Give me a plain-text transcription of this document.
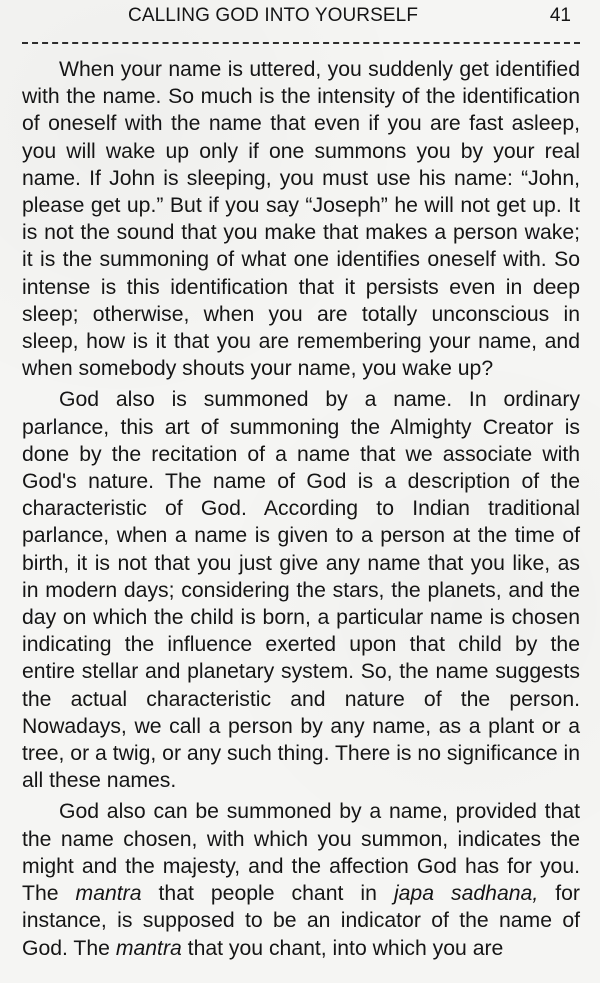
CALLING GOD INTO YOURSELF	41

When your name is uttered, you suddenly get identified with the name. So much is the intensity of the identification of oneself with the name that even if you are fast asleep, you will wake up only if one summons you by your real name. If John is sleeping, you must use his name: “John, please get up.” But if you say “Joseph” he will not get up. It is not the sound that you make that makes a person wake; it is the summoning of what one identifies oneself with. So intense is this identification that it persists even in deep sleep; otherwise, when you are totally unconscious in sleep, how is it that you are remembering your name, and when somebody shouts your name, you wake up?

God also is summoned by a name. In ordinary parlance, this art of summoning the Almighty Creator is done by the recitation of a name that we associate with God's nature. The name of God is a description of the characteristic of God. According to Indian traditional parlance, when a name is given to a person at the time of birth, it is not that you just give any name that you like, as in modern days; considering the stars, the planets, and the day on which the child is born, a particular name is chosen indicating the influence exerted upon that child by the entire stellar and planetary system. So, the name suggests the actual characteristic and nature of the person. Nowadays, we call a person by any name, as a plant or a tree, or a twig, or any such thing. There is no significance in all these names.

God also can be summoned by a name, provided that the name chosen, with which you summon, indicates the might and the majesty, and the affection God has for you. The mantra that people chant in japa sadhana, for instance, is supposed to be an indicator of the name of God. The mantra that you chant, into which you are
